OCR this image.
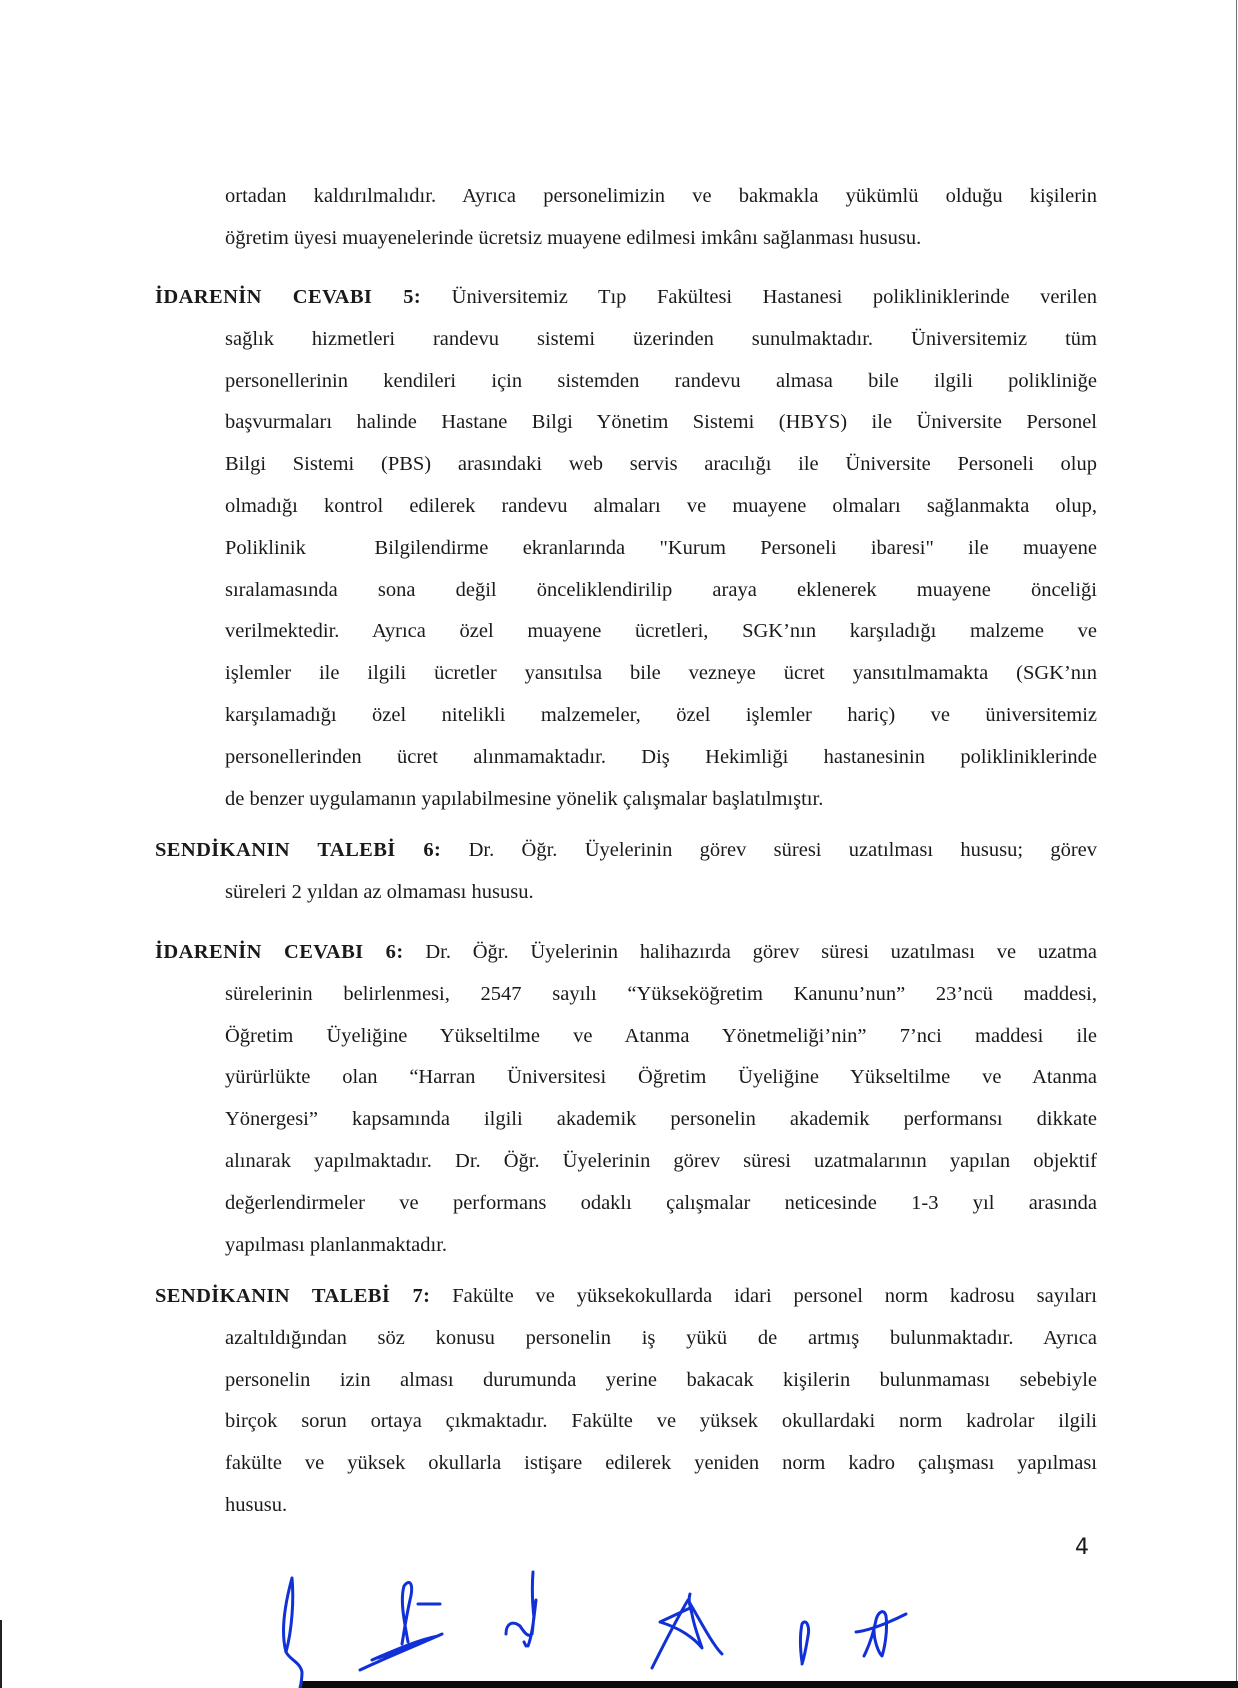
ortadan kaldırılmalıdır. Ayrıca personelimizin ve bakmakla yükümlü olduğu kişilerin

öğretim üyesi muayenelerinde ücretsiz muayene edilmesi imkânı sağlanması hususu.

İDARENİN CEVABI 5: Üniversitemiz Tıp Fakültesi Hastanesi polikliniklerinde verilen

sağlık hizmetleri randevu sistemi üzerinden sunulmaktadır. Üniversitemiz tüm

personellerinin kendileri için sistemden randevu almasa bile ilgili polikliniğe

başvurmaları halinde Hastane Bilgi Yönetim Sistemi (HBYS) ile Üniversite Personel

Bilgi Sistemi (PBS) arasındaki web servis aracılığı ile Üniversite Personeli olup

olmadığı kontrol edilerek randevu almaları ve muayene olmaları sağlanmakta olup,

Poliklinik  Bilgilendirme ekranlarında "Kurum Personeli ibaresi" ile muayene

sıralamasında sona değil önceliklendirilip araya eklenerek muayene önceliği

verilmektedir. Ayrıca özel muayene ücretleri, SGK’nın karşıladığı malzeme ve

işlemler ile ilgili ücretler yansıtılsa bile vezneye ücret yansıtılmamakta (SGK’nın

karşılamadığı özel nitelikli malzemeler, özel işlemler hariç) ve üniversitemiz

personellerinden ücret alınmamaktadır. Diş Hekimliği hastanesinin polikliniklerinde

de benzer uygulamanın yapılabilmesine yönelik çalışmalar başlatılmıştır.

SENDİKANIN TALEBİ 6: Dr. Öğr. Üyelerinin görev süresi uzatılması hususu; görev

süreleri 2 yıldan az olmaması hususu.

İDARENİN CEVABI 6: Dr. Öğr. Üyelerinin halihazırda görev süresi uzatılması ve uzatma

sürelerinin belirlenmesi, 2547 sayılı “Yükseköğretim Kanunu’nun” 23’ncü maddesi,

Öğretim Üyeliğine Yükseltilme ve Atanma Yönetmeliği’nin” 7’nci maddesi ile

yürürlükte olan “Harran Üniversitesi Öğretim Üyeliğine Yükseltilme ve Atanma

Yönergesi” kapsamında ilgili akademik personelin akademik performansı dikkate

alınarak yapılmaktadır. Dr. Öğr. Üyelerinin görev süresi uzatmalarının yapılan objektif

değerlendirmeler ve performans odaklı çalışmalar neticesinde 1-3 yıl arasında

yapılması planlanmaktadır.

SENDİKANIN TALEBİ 7: Fakülte ve yüksekokullarda idari personel norm kadrosu sayıları

azaltıldığından söz konusu personelin iş yükü de artmış bulunmaktadır. Ayrıca

personelin izin alması durumunda yerine bakacak kişilerin bulunmaması sebebiyle

birçok sorun ortaya çıkmaktadır. Fakülte ve yüksek okullardaki norm kadrolar ilgili

fakülte ve yüksek okullarla istişare edilerek yeniden norm kadro çalışması yapılması

hususu.

4
